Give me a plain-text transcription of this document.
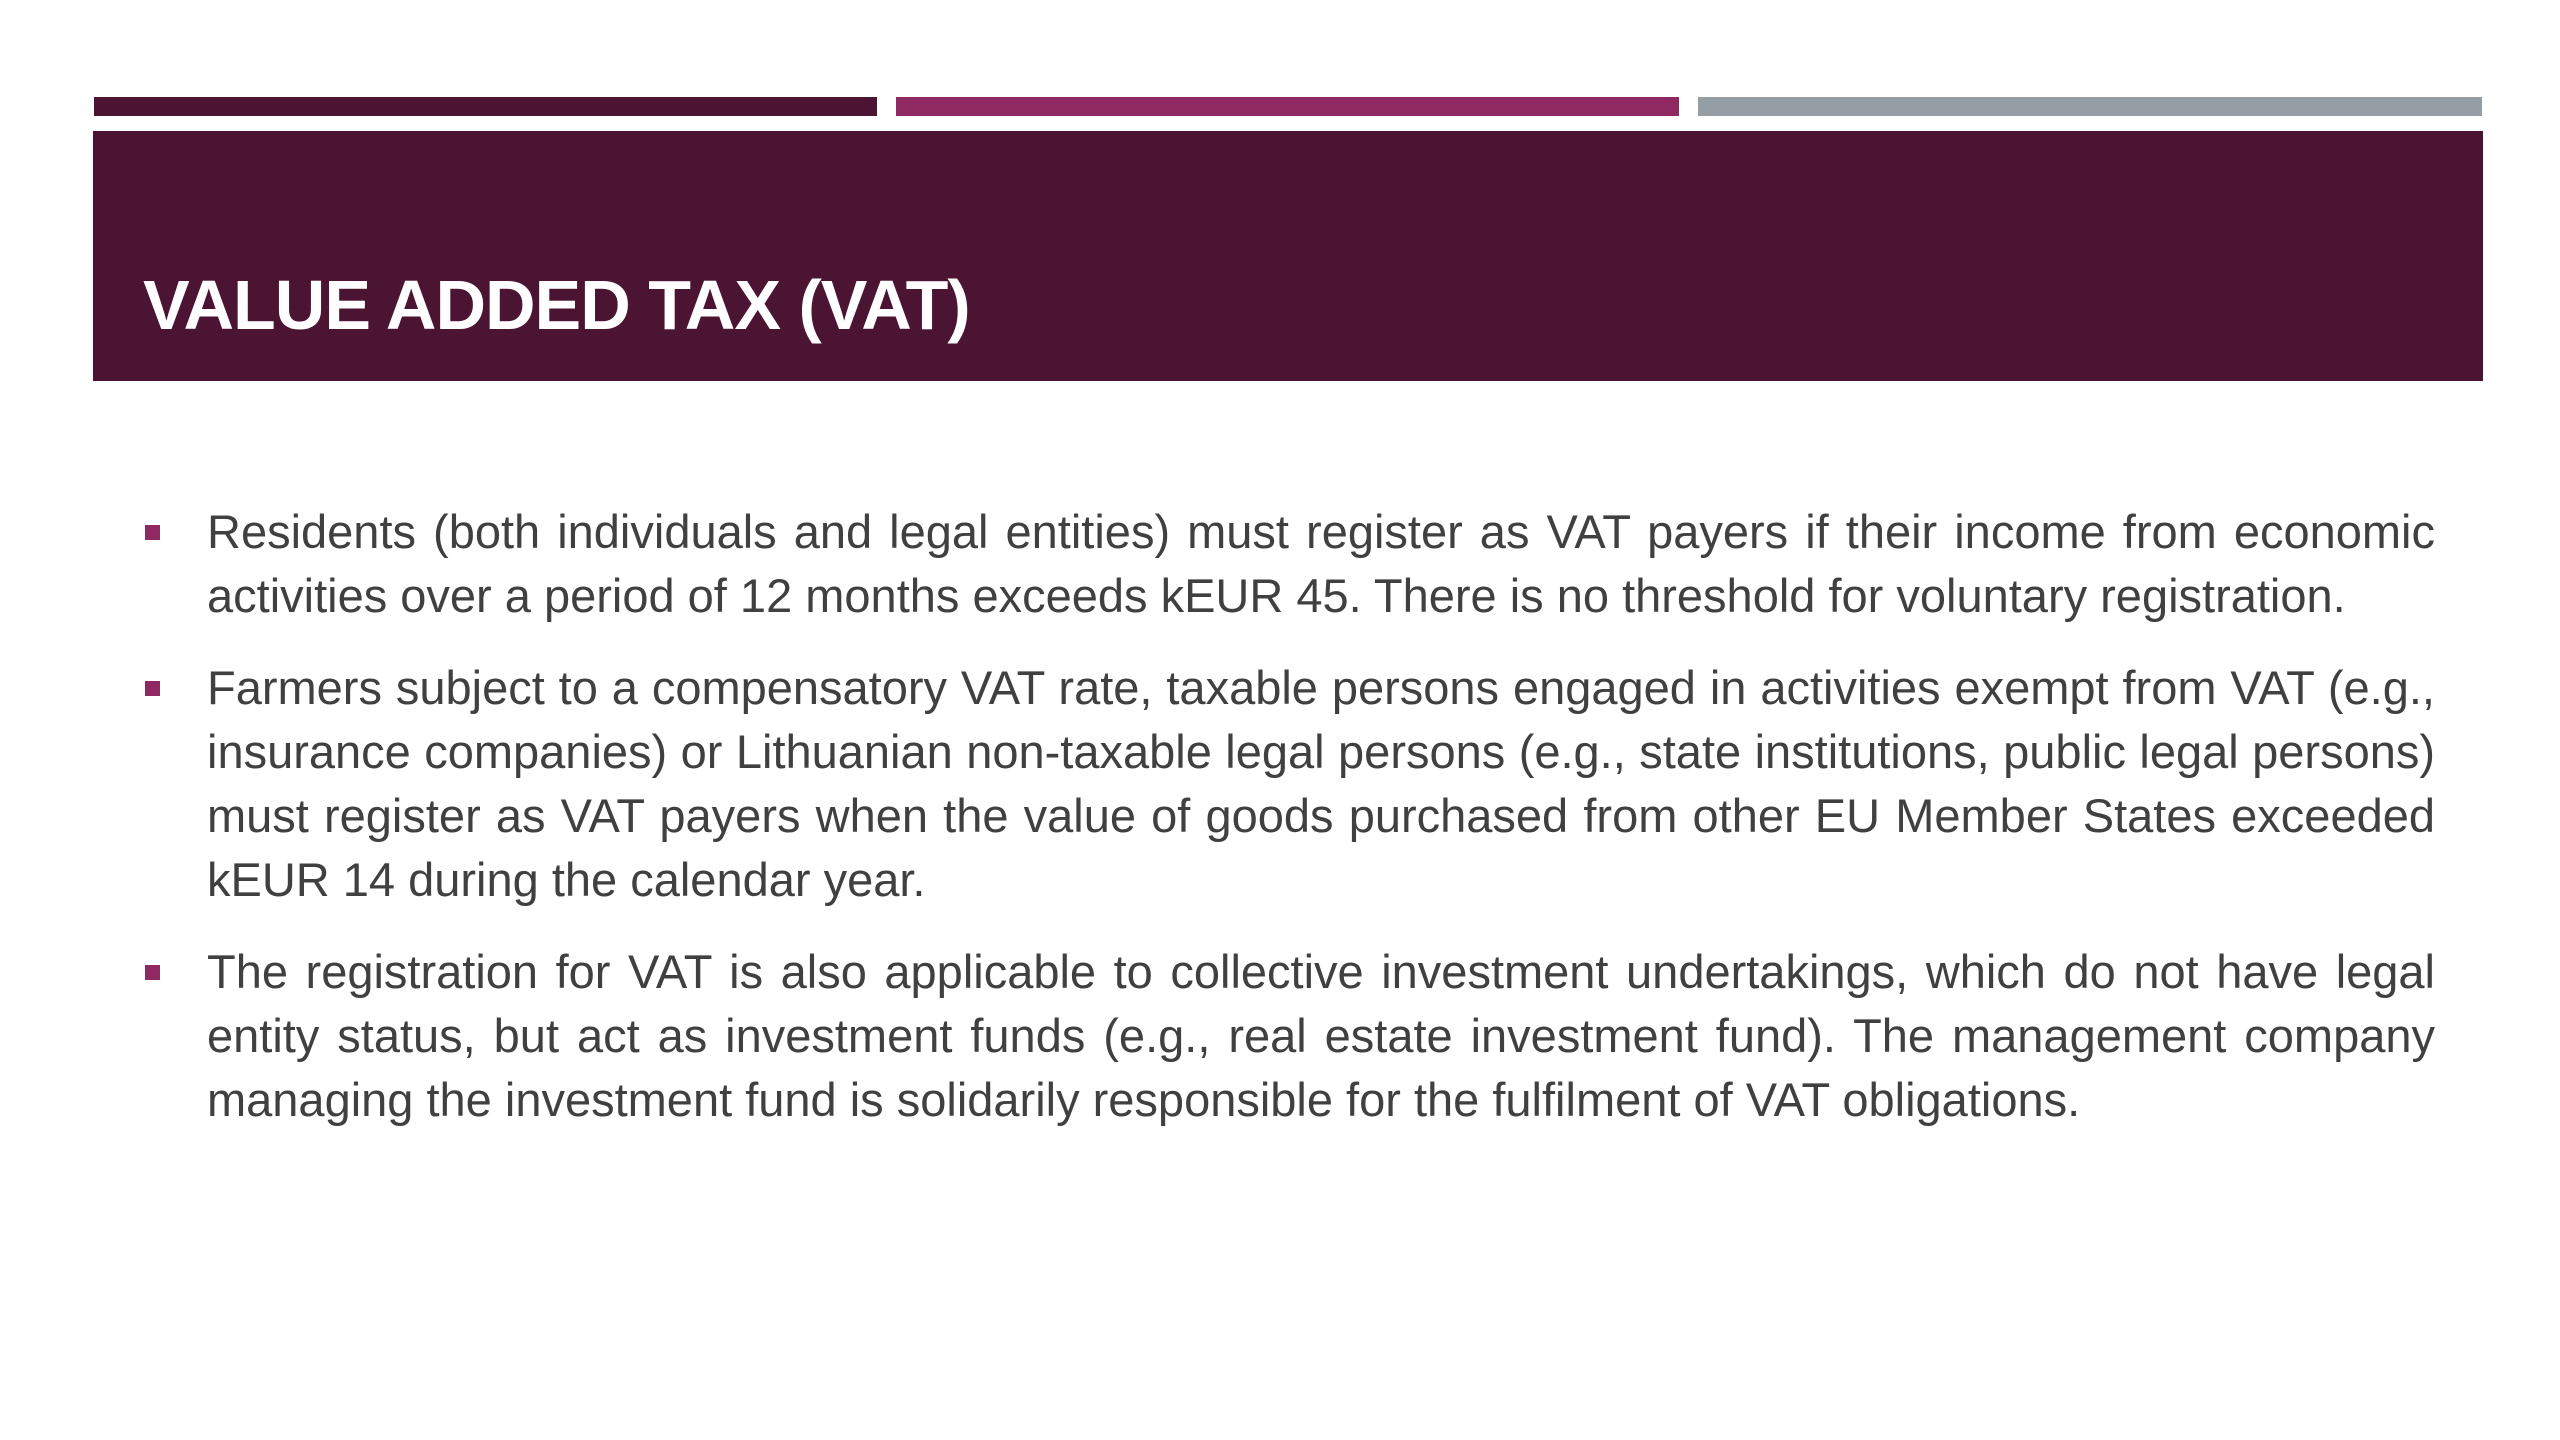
VALUE ADDED TAX (VAT)
Residents (both individuals and legal entities) must register as VAT payers if their income from economic activities over a period of 12 months exceeds kEUR 45. There is no threshold for voluntary registration.
Farmers subject to a compensatory VAT rate, taxable persons engaged in activities exempt from VAT (e.g., insurance companies) or Lithuanian non-taxable legal persons (e.g., state institutions, public legal persons) must register as VAT payers when the value of goods purchased from other EU Member States exceeded kEUR 14 during the calendar year.
The registration for VAT is also applicable to collective investment undertakings, which do not have legal entity status, but act as investment funds (e.g., real estate investment fund). The management company managing the investment fund is solidarily responsible for the fulfilment of VAT obligations.
